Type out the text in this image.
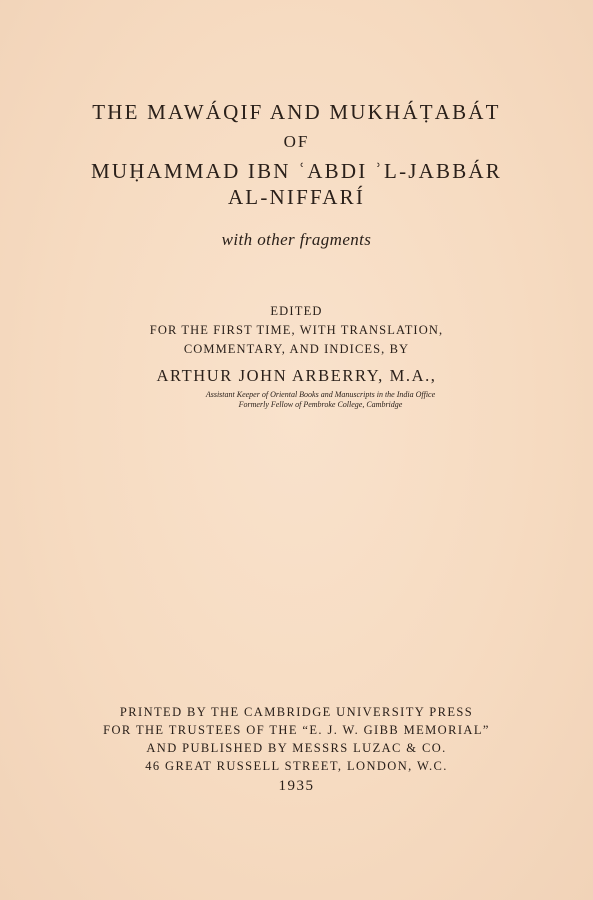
THE MAWÁQIF AND MUKHÁṬABÁT
OF
MUḤAMMAD IBN ʿABDI ʾL-JABBÁR
AL-NIFFARÍ
with other fragments
EDITED
FOR THE FIRST TIME, WITH TRANSLATION,
COMMENTARY, AND INDICES, BY
ARTHUR JOHN ARBERRY, M.A.,
Assistant Keeper of Oriental Books and Manuscripts in the India Office
Formerly Fellow of Pembroke College, Cambridge
PRINTED BY THE CAMBRIDGE UNIVERSITY PRESS
FOR THE TRUSTEES OF THE “E. J. W. GIBB MEMORIAL”
AND PUBLISHED BY MESSRS LUZAC & CO.
46 GREAT RUSSELL STREET, LONDON, W.C.
1935
